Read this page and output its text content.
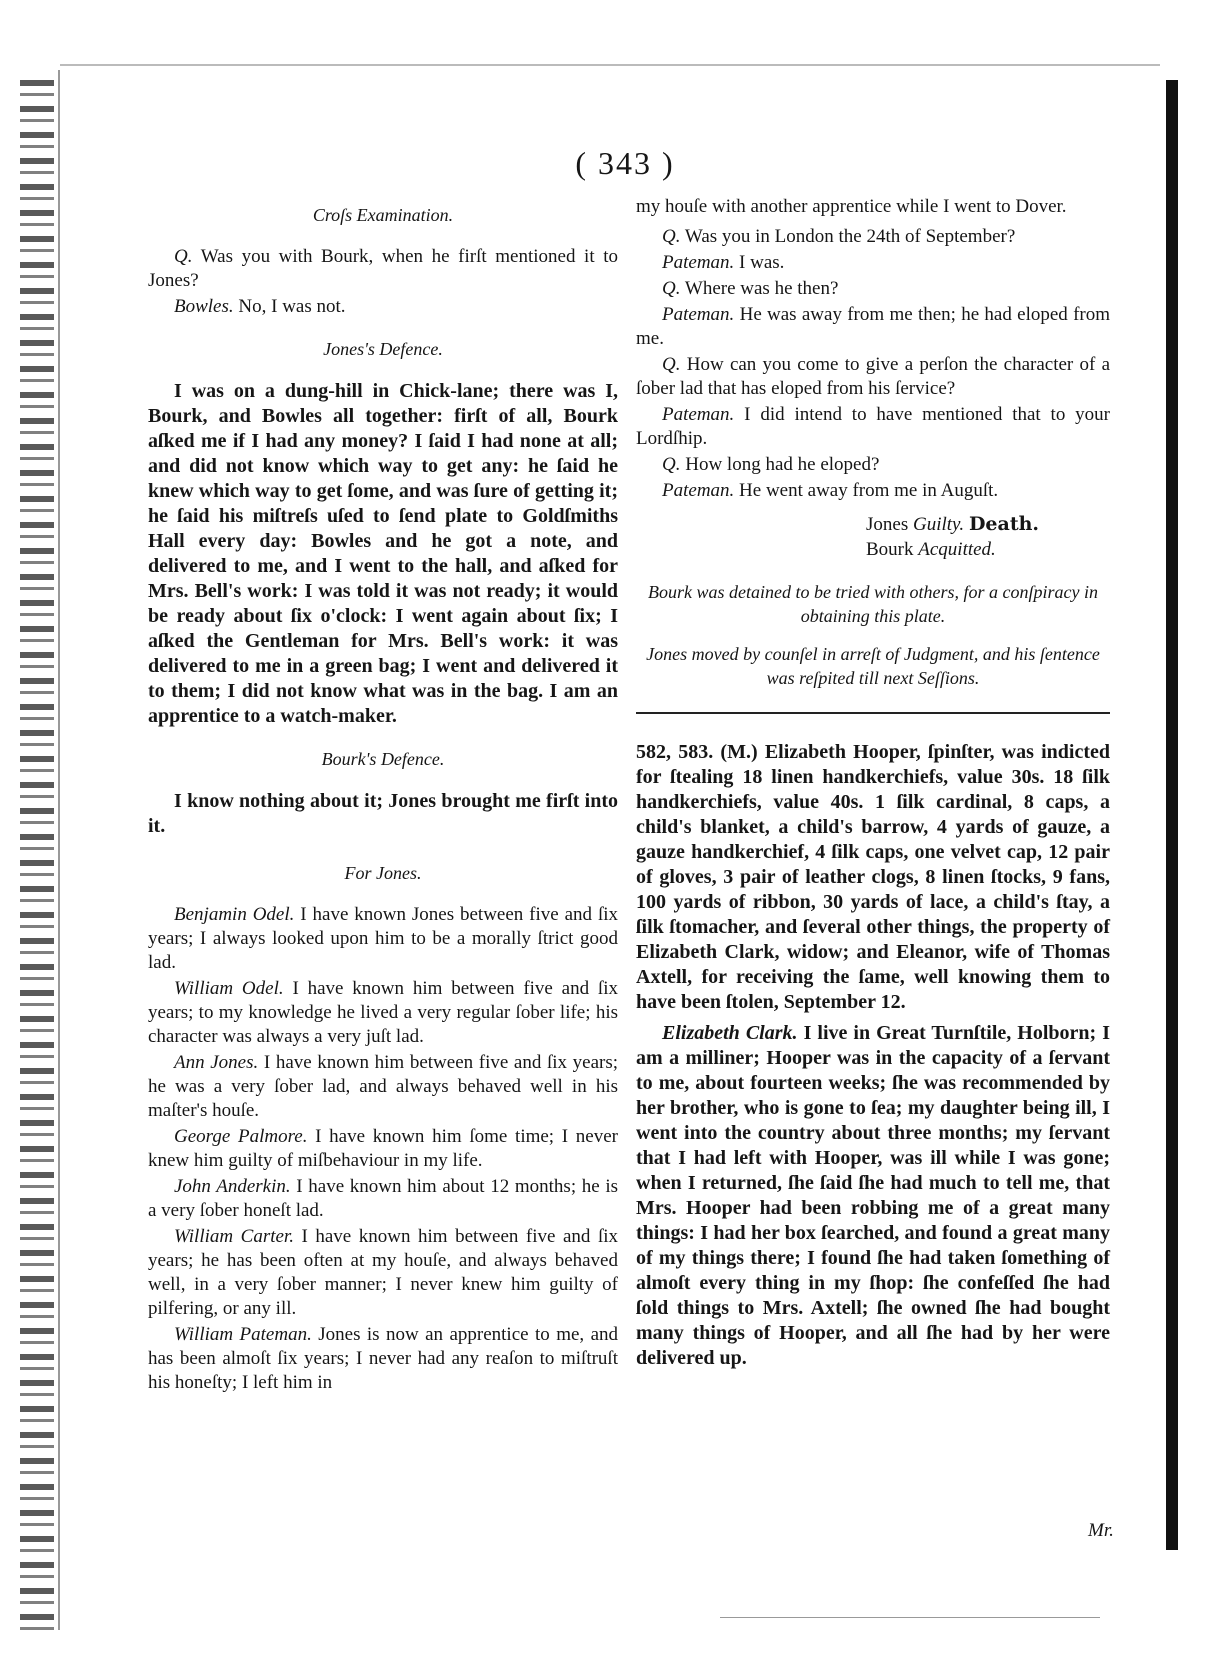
( 343 )
Croſs Examination.

Q. Was you with Bourk, when he firſt mentioned it to Jones?

Bowles. No, I was not.

Jones's Defence.

I was on a dung-hill in Chick-lane; there was I, Bourk, and Bowles all together: firſt of all, Bourk aſked me if I had any money? I ſaid I had none at all; and did not know which way to get any: he ſaid he knew which way to get ſome, and was ſure of getting it; he ſaid his miſtreſs uſed to ſend plate to Goldſmiths Hall every day: Bowles and he got a note, and delivered to me, and I went to the hall, and aſked for Mrs. Bell's work: I was told it was not ready; it would be ready about ſix o'clock: I went again about ſix; I aſked the Gentleman for Mrs. Bell's work: it was delivered to me in a green bag; I went and delivered it to them; I did not know what was in the bag. I am an apprentice to a watch-maker.

Bourk's Defence.

I know nothing about it; Jones brought me firſt into it.

For Jones.

Benjamin Odel. I have known Jones between five and ſix years; I always looked upon him to be a morally ſtrict good lad.

William Odel. I have known him between five and ſix years; to my knowledge he lived a very regular ſober life; his character was always a very juſt lad.

Ann Jones. I have known him between five and ſix years; he was a very ſober lad, and always behaved well in his maſter's houſe.

George Palmore. I have known him ſome time; I never knew him guilty of miſbehaviour in my life.

John Anderkin. I have known him about 12 months; he is a very ſober honeſt lad.

William Carter. I have known him between five and ſix years; he has been often at my houſe, and always behaved well, in a very ſober manner; I never knew him guilty of pilfering, or any ill.

William Pateman. Jones is now an apprentice to me, and has been almoſt ſix years; I never had any reaſon to miſtruſt his honeſty; I left him in

my houſe with another apprentice while I went to Dover.

Q. Was you in London the 24th of September?

Pateman. I was.

Q. Where was he then?

Pateman. He was away from me then; he had eloped from me.

Q. How can you come to give a perſon the character of a ſober lad that has eloped from his ſervice?

Pateman. I did intend to have mentioned that to your Lordſhip.

Q. How long had he eloped?

Pateman. He went away from me in Auguſt.

Jones Guilty. Death.
Bourk Acquitted.

Bourk was detained to be tried with others, for a conſpiracy in obtaining this plate.

Jones moved by counſel in arreſt of Judgment, and his ſentence was reſpited till next Seſſions.

582, 583. (M.) Elizabeth Hooper, ſpinſter, was indicted for ſtealing 18 linen handkerchiefs, value 30s. 18 ſilk handkerchiefs, value 40s. 1 ſilk cardinal, 8 caps, a child's blanket, a child's barrow, 4 yards of gauze, a gauze handkerchief, 4 ſilk caps, one velvet cap, 12 pair of gloves, 3 pair of leather clogs, 8 linen ſtocks, 9 fans, 100 yards of ribbon, 30 yards of lace, a child's ſtay, a ſilk ſtomacher, and ſeveral other things, the property of Elizabeth Clark, widow; and Eleanor, wife of Thomas Axtell, for receiving the ſame, well knowing them to have been ſtolen, September 12.

Elizabeth Clark. I live in Great Turnſtile, Holborn; I am a milliner; Hooper was in the capacity of a ſervant to me, about fourteen weeks; ſhe was recommended by her brother, who is gone to ſea; my daughter being ill, I went into the country about three months; my ſervant that I had left with Hooper, was ill while I was gone; when I returned, ſhe ſaid ſhe had much to tell me, that Mrs. Hooper had been robbing me of a great many things: I had her box ſearched, and found a great many of my things there; I found ſhe had taken ſomething of almoſt every thing in my ſhop: ſhe confeſſed ſhe had ſold things to Mrs. Axtell; ſhe owned ſhe had bought many things of Hooper, and all ſhe had by her were delivered up.

Mr.
